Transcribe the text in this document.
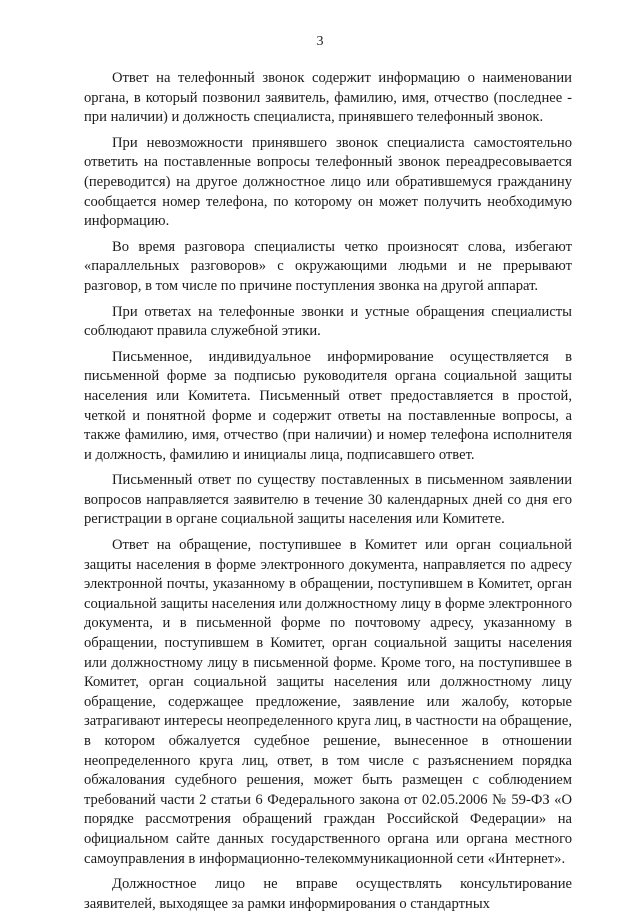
3

Ответ на телефонный звонок содержит информацию о наименовании органа, в который позвонил заявитель, фамилию, имя, отчество (последнее - при наличии) и должность специалиста, принявшего телефонный звонок.

При невозможности принявшего звонок специалиста самостоятельно ответить на поставленные вопросы телефонный звонок переадресовывается (переводится) на другое должностное лицо или обратившемуся гражданину сообщается номер телефона, по которому он может получить необходимую информацию.

Во время разговора специалисты четко произносят слова, избегают «параллельных разговоров» с окружающими людьми и не прерывают разговор, в том числе по причине поступления звонка на другой аппарат.

При ответах на телефонные звонки и устные обращения специалисты соблюдают правила служебной этики.

Письменное, индивидуальное информирование осуществляется в письменной форме за подписью руководителя органа социальной защиты населения или Комитета. Письменный ответ предоставляется в простой, четкой и понятной форме и содержит ответы на поставленные вопросы, а также фамилию, имя, отчество (при наличии) и номер телефона исполнителя и должность, фамилию и инициалы лица, подписавшего ответ.

Письменный ответ по существу поставленных в письменном заявлении вопросов направляется заявителю в течение 30 календарных дней со дня его регистрации в органе социальной защиты населения или Комитете.

Ответ на обращение, поступившее в Комитет или орган социальной защиты населения в форме электронного документа, направляется по адресу электронной почты, указанному в обращении, поступившем в Комитет, орган социальной защиты населения или должностному лицу в форме электронного документа, и в письменной форме по почтовому адресу, указанному в обращении, поступившем в Комитет, орган социальной защиты населения или должностному лицу в письменной форме. Кроме того, на поступившее в Комитет, орган социальной защиты населения или должностному лицу обращение, содержащее предложение, заявление или жалобу, которые затрагивают интересы неопределенного круга лиц, в частности на обращение, в котором обжалуется судебное решение, вынесенное в отношении неопределенного круга лиц, ответ, в том числе с разъяснением порядка обжалования судебного решения, может быть размещен с соблюдением требований части 2 статьи 6 Федерального закона от 02.05.2006 № 59-ФЗ «О порядке рассмотрения обращений граждан Российской Федерации» на официальном сайте данных государственного органа или органа местного самоуправления в информационно-телекоммуникационной сети «Интернет».

Должностное лицо не вправе осуществлять консультирование заявителей, выходящее за рамки информирования о стандартных
